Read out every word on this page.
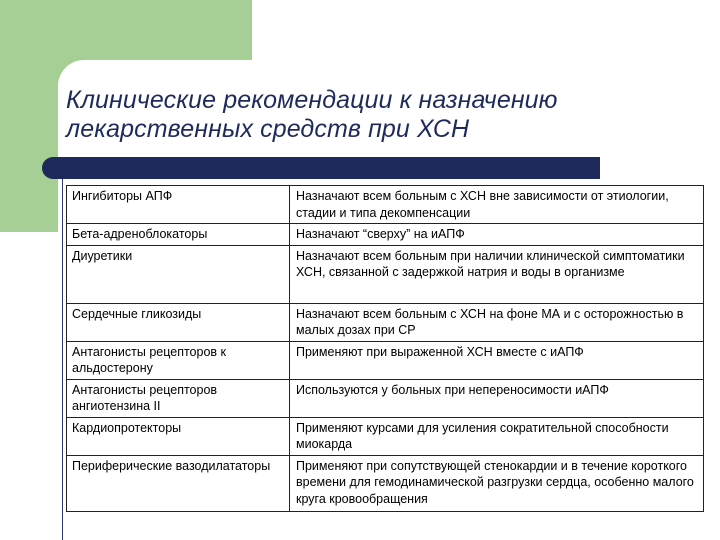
Клинические рекомендации к назначению
лекарственных средств при ХСН
Ингибиторы АПФ	Назначают всем больным с ХСН вне зависимости от этиологии, стадии и типа декомпенсации
Бета-адреноблокаторы	Назначают “сверху” на иАПФ
Диуретики	Назначают всем больным при наличии клинической симптоматики ХСН, связанной с задержкой натрия и воды в организме
Сердечные гликозиды	Назначают всем больным с ХСН на фоне МА и с осторожностью в малых дозах при СР
Антагонисты рецепторов к альдостерону	Применяют при выраженной ХСН вместе с иАПФ
Антагонисты рецепторов ангиотензина II	Используются у больных при непереносимости иАПФ
Кардиопротекторы	Применяют курсами для усиления сократительной способности миокарда
Периферические вазодилататоры	Применяют при сопутствующей стенокардии и в течение короткого времени для гемодинамической разгрузки сердца, особенно малого круга кровообращения
